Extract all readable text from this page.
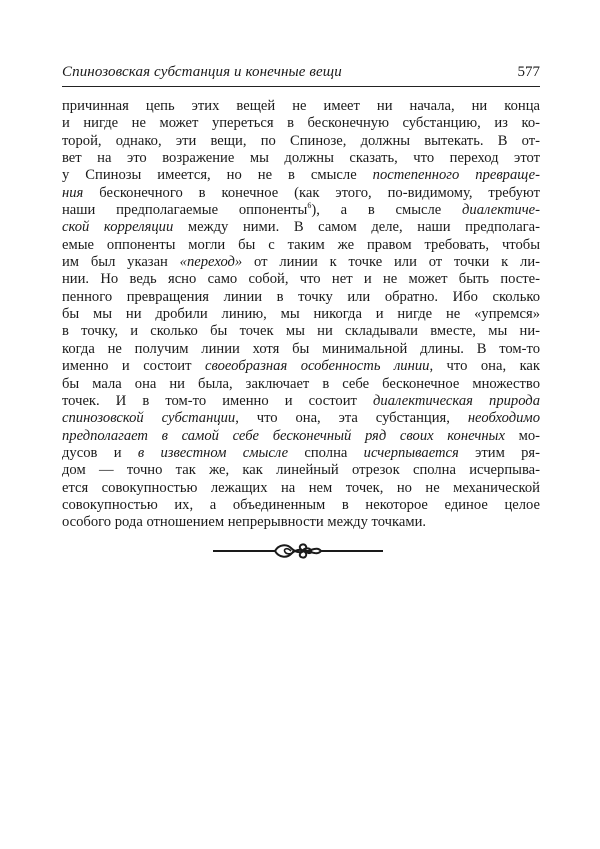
Спинозовская субстанция и конечные вещи	577
причинная цепь этих вещей не имеет ни начала, ни конца
и нигде не может упереться в бесконечную субстанцию, из ко-
торой, однако, эти вещи, по Спинозе, должны вытекать. В от-
вет на это возражение мы должны сказать, что переход этот
у Спинозы имеется, но не в смысле постепенного превраще-
ния бесконечного в конечное (как этого, по-видимому, требуют
наши предполагаемые оппоненты$^6$), а в смысле диалектиче-
ской корреляции между ними. В самом деле, наши предполага-
емые оппоненты могли бы с таким же правом требовать, чтобы
им был указан «переход» от линии к точке или от точки к ли-
нии. Но ведь ясно само собой, что нет и не может быть посте-
пенного превращения линии в точку или обратно. Ибо сколько
бы мы ни дробили линию, мы никогда и нигде не «упремся»
в точку, и сколько бы точек мы ни складывали вместе, мы ни-
когда не получим линии хотя бы минимальной длины. В том-то
именно и состоит своеобразная особенность линии, что она, как
бы мала она ни была, заключает в себе бесконечное множество
точек. И в том-то именно и состоит диалектическая природа
спинозовской субстанции, что она, эта субстанция, необходимо
предполагает в самой себе бесконечный ряд своих конечных мо-
дусов и в известном смысле сполна исчерпывается этим ря-
дом — точно так же, как линейный отрезок сполна исчерпыва-
ется совокупностью лежащих на нем точек, но не механической
совокупностью их, а объединенным в некоторое единое целое
особого рода отношением непрерывности между точками.
